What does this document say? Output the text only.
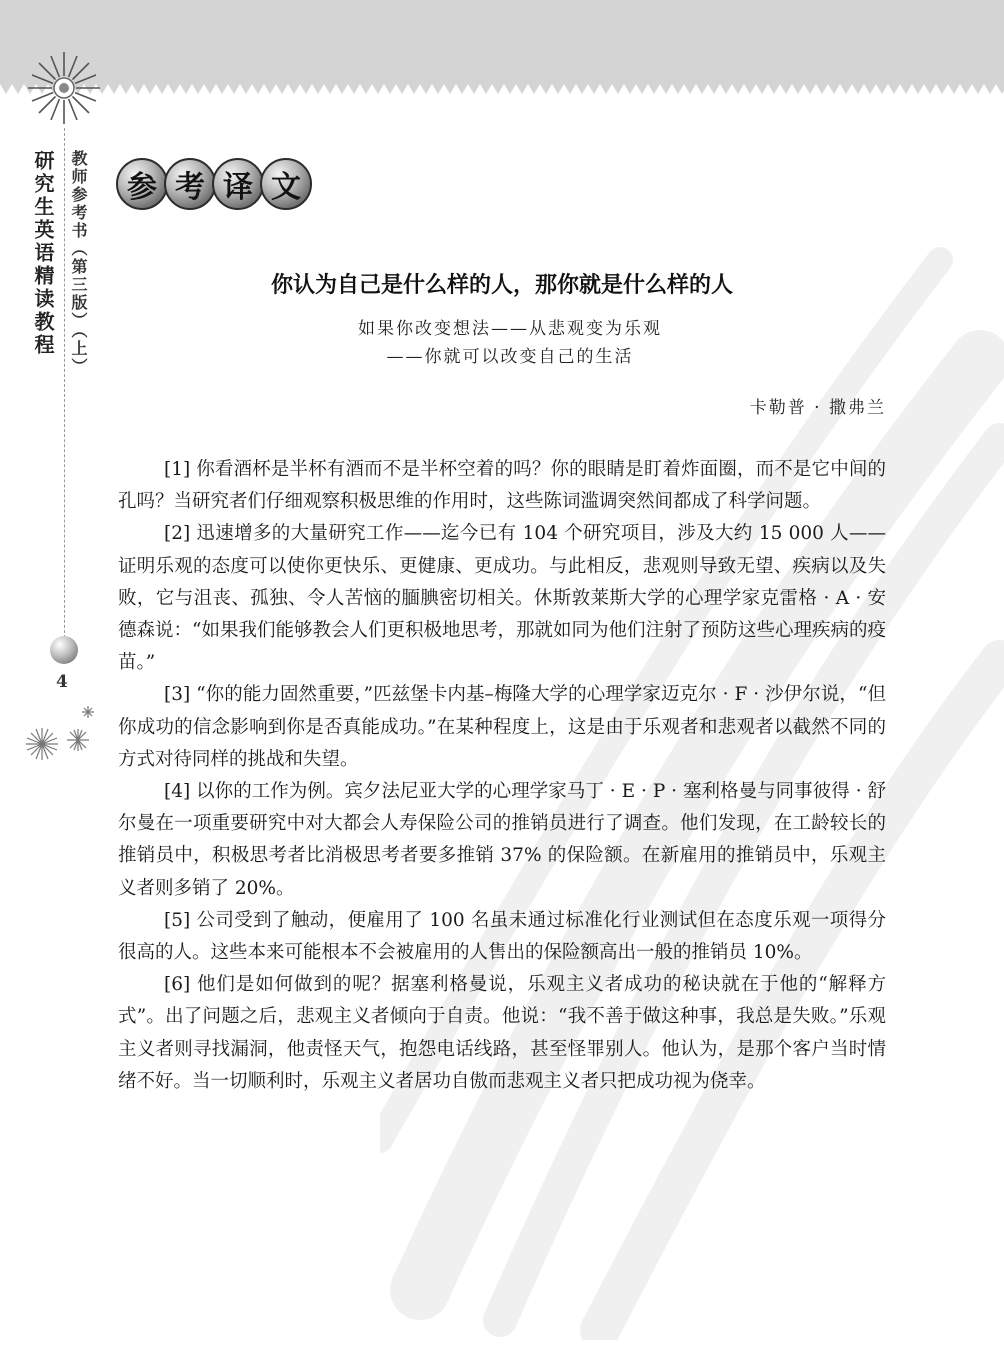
研究生英语精读教程 教师参考书（第三版）（上）
4
参 考 译 文
你认为自己是什么样的人，那你就是什么样的人
如果你改变想法——从悲观变为乐观
——你就可以改变自己的生活
卡勒普 · 撒弗兰

[1] 你看酒杯是半杯有酒而不是半杯空着的吗？你的眼睛是盯着炸面圈，而不是它中间的孔吗？当研究者们仔细观察积极思维的作用时，这些陈词滥调突然间都成了科学问题。

[2] 迅速增多的大量研究工作——迄今已有 104 个研究项目，涉及大约 15 000 人——证明乐观的态度可以使你更快乐、更健康、更成功。与此相反，悲观则导致无望、疾病以及失败，它与沮丧、孤独、令人苦恼的腼腆密切相关。休斯敦莱斯大学的心理学家克雷格 · A · 安德森说：“如果我们能够教会人们更积极地思考，那就如同为他们注射了预防这些心理疾病的疫苗。”

[3] “你的能力固然重要，”匹兹堡卡内基–梅隆大学的心理学家迈克尔 · F · 沙伊尔说，“但你成功的信念影响到你是否真能成功。”在某种程度上，这是由于乐观者和悲观者以截然不同的方式对待同样的挑战和失望。

[4] 以你的工作为例。宾夕法尼亚大学的心理学家马丁 · E · P · 塞利格曼与同事彼得 · 舒尔曼在一项重要研究中对大都会人寿保险公司的推销员进行了调查。他们发现，在工龄较长的推销员中，积极思考者比消极思考者要多推销 37% 的保险额。在新雇用的推销员中，乐观主义者则多销了 20%。

[5] 公司受到了触动，便雇用了 100 名虽未通过标准化行业测试但在态度乐观一项得分很高的人。这些本来可能根本不会被雇用的人售出的保险额高出一般的推销员 10%。

[6] 他们是如何做到的呢？据塞利格曼说，乐观主义者成功的秘诀就在于他的“解释方式”。出了问题之后，悲观主义者倾向于自责。他说：“我不善于做这种事，我总是失败。”乐观主义者则寻找漏洞，他责怪天气，抱怨电话线路，甚至怪罪别人。他认为，是那个客户当时情绪不好。当一切顺利时，乐观主义者居功自傲而悲观主义者只把成功视为侥幸。
